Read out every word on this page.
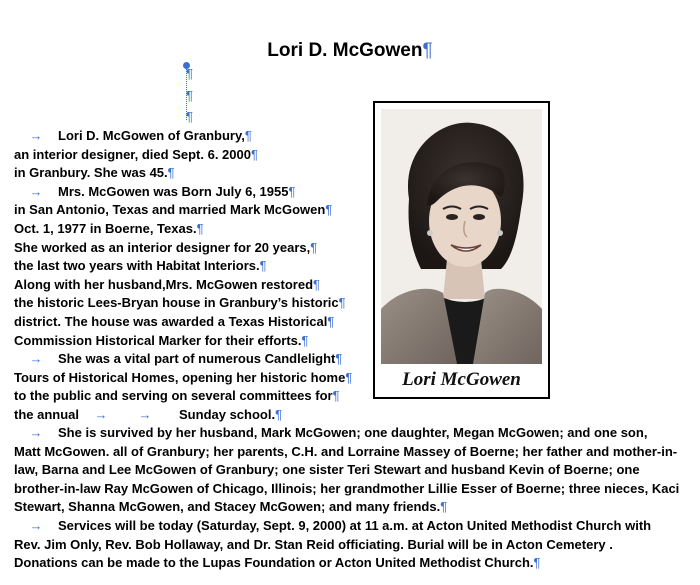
Lori D. McGowen¶
¶
¶
¶
→ Lori D. McGowen of Granbury,¶
an interior designer, died Sept. 6. 2000¶
in Granbury. She was 45.¶
→ Mrs. McGowen was Born July 6, 1955¶
in San Antonio, Texas and married Mark McGowen¶
Oct. 1, 1977 in Boerne, Texas.¶
She worked as an interior designer for 20 years,¶
the last two years with Habitat Interiors.¶
Along with her husband,Mrs. McGowen restored¶
the historic Lees-Bryan house in Granbury’s historic¶
district. The house was awarded a Texas Historical¶
Commission Historical Marker for their efforts.¶
→ She was a vital part of numerous Candlelight¶
Tours of Historical Homes, opening her historic home¶
to the public and serving on several committees for¶
the annual → → Sunday school.¶
→ She is survived by her husband, Mark McGowen; one daughter, Megan McGowen; and one son,
Matt McGowen. all of Granbury; her parents, C.H. and Lorraine Massey of Boerne; her father and mother-in-
law, Barna and Lee McGowen of Granbury; one sister Teri Stewart and husband Kevin of Boerne; one
brother-in-law Ray McGowen of Chicago, Illinois; her grandmother Lillie Esser of Boerne; three nieces, Kaci
Stewart, Shanna McGowen, and Stacey McGowen; and many friends.¶
→ Services will be today (Saturday, Sept. 9, 2000) at 11 a.m. at Acton United Methodist Church with
Rev. Jim Only, Rev. Bob Hollaway, and Dr. Stan Reid officiating. Burial will be in Acton Cemetery .
Donations can be made to the Lupas Foundation or Acton United Methodist Church.¶
Lori McGowen
